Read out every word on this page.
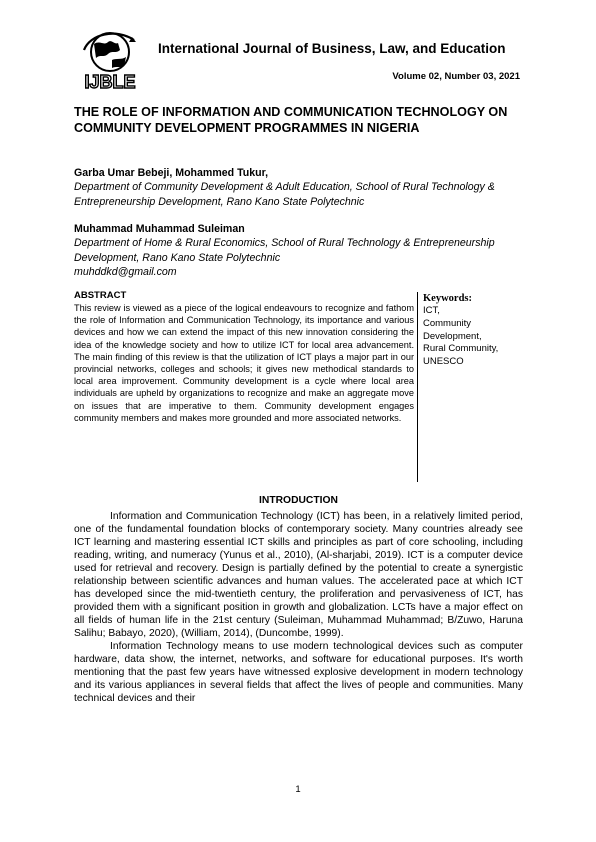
IJBLE
International Journal of Business, Law, and Education
Volume 02, Number 03, 2021
THE ROLE OF INFORMATION AND COMMUNICATION TECHNOLOGY ON COMMUNITY DEVELOPMENT PROGRAMMES IN NIGERIA
Garba Umar Bebeji, Mohammed Tukur,
Department of Community Development & Adult Education, School of Rural Technology & Entrepreneurship Development, Rano Kano State Polytechnic
Muhammad Muhammad Suleiman
Department of Home & Rural Economics, School of Rural Technology & Entrepreneurship Development, Rano Kano State Polytechnic
muhddkd@gmail.com
ABSTRACT

This review is viewed as a piece of the logical endeavours to recognize and fathom the role of Information and Communication Technology, its importance and various devices and how we can extend the impact of this new innovation considering the idea of the knowledge society and how to utilize ICT for local area advancement. The main finding of this review is that the utilization of ICT plays a major part in our provincial networks, colleges and schools; it gives new methodical standards to local area improvement. Community development is a cycle where local area individuals are upheld by organizations to recognize and make an aggregate move on issues that are imperative to them. Community development engages community members and makes more grounded and more associated networks.

Keywords:
ICT,
Community Development,
Rural Community,
UNESCO
INTRODUCTION

Information and Communication Technology (ICT) has been, in a relatively limited period, one of the fundamental foundation blocks of contemporary society. Many countries already see ICT learning and mastering essential ICT skills and principles as part of core schooling, including reading, writing, and numeracy (Yunus et al., 2010), (Al-sharjabi, 2019). ICT is a computer device used for retrieval and recovery. Design is partially defined by the potential to create a synergistic relationship between scientific advances and human values. The accelerated pace at which ICT has developed since the mid-twentieth century, the proliferation and pervasiveness of ICT, has provided them with a significant position in growth and globalization. LCTs have a major effect on all fields of human life in the 21st century (Suleiman, Muhammad Muhammad; B/Zuwo, Haruna Salihu; Babayo, 2020), (William, 2014), (Duncombe, 1999).

Information Technology means to use modern technological devices such as computer hardware, data show, the internet, networks, and software for educational purposes. It's worth mentioning that the past few years have witnessed explosive development in modern technology and its various appliances in several fields that affect the lives of people and communities. Many technical devices and their

1
